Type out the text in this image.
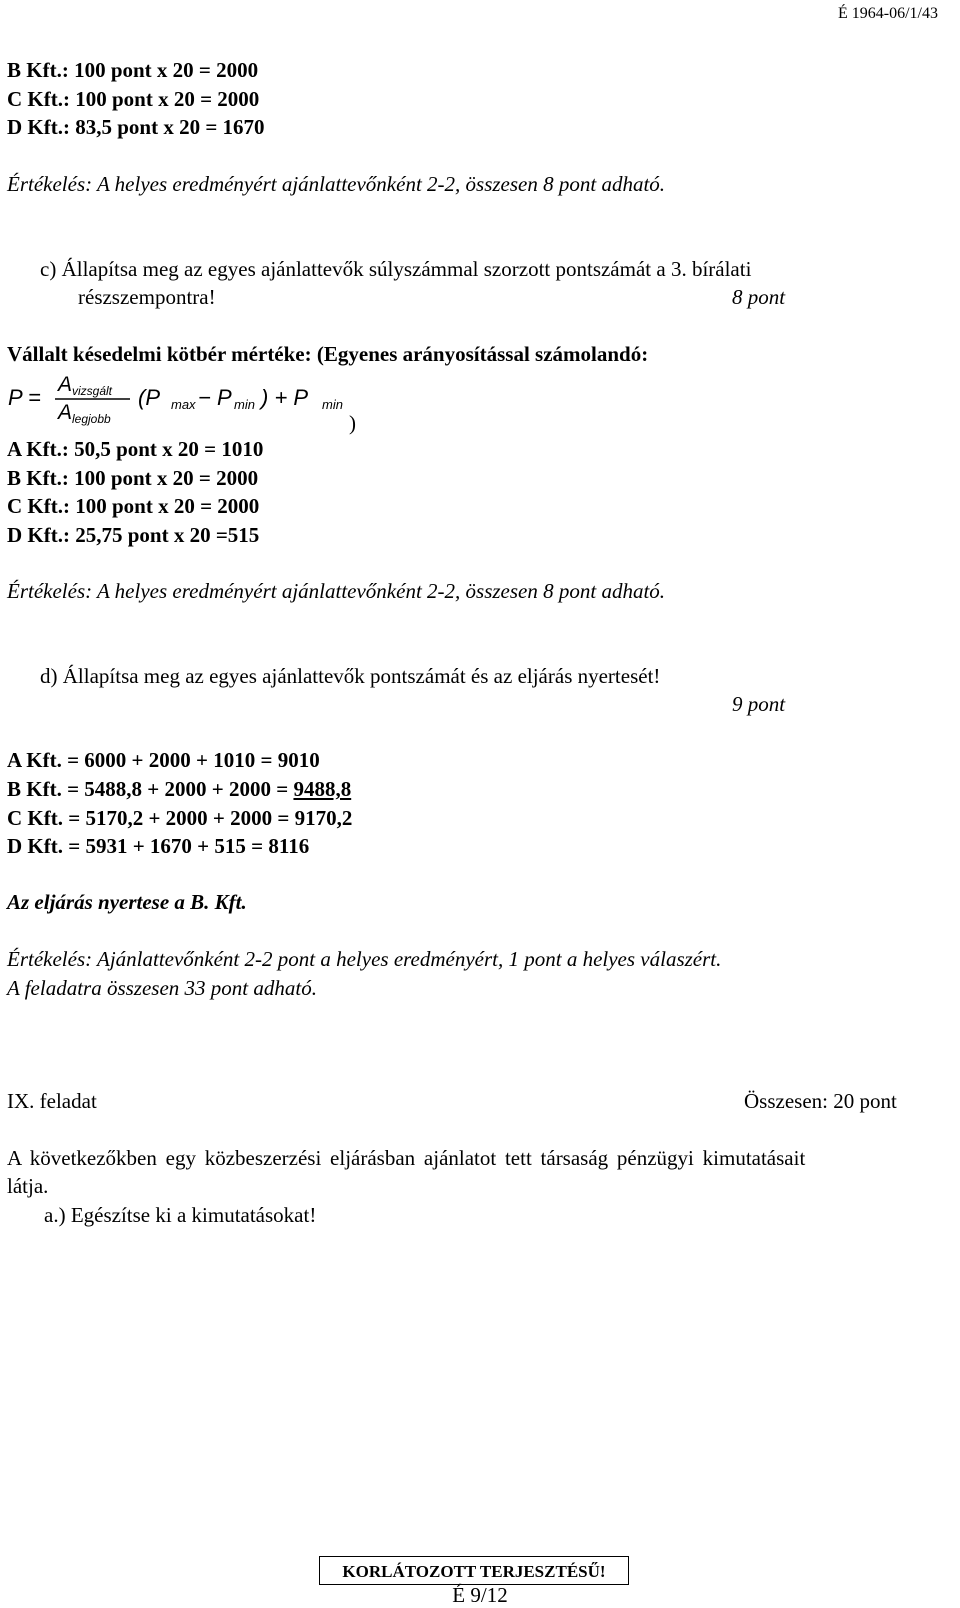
É 1964-06/1/43
B Kft.: 100 pont x 20 = 2000
C Kft.: 100 pont x 20 = 2000
D Kft.: 83,5 pont x 20 = 1670
Értékelés: A helyes eredményért ajánlattevőnként 2-2, összesen 8 pont adható.
c) Állapítsa meg az egyes ajánlattevők súlyszámmal szorzott pontszámát a 3. bírálati
részszempontra!	8 pont
Vállalt késedelmi kötbér mértéke: (Egyenes arányosítással számolandó:
P =
A vizsgált
A legjobb
(P max − P min ) + P min
)
A Kft.: 50,5 pont x 20 = 1010
B Kft.: 100 pont x 20 = 2000
C Kft.: 100 pont x 20 = 2000
D Kft.: 25,75 pont x 20 =515
Értékelés: A helyes eredményért ajánlattevőnként 2-2, összesen 8 pont adható.
d) Állapítsa meg az egyes ajánlattevők pontszámát és az eljárás nyertesét!
9 pont
A Kft. = 6000 + 2000 + 1010 = 9010
B Kft. = 5488,8 + 2000 + 2000 = 9488,8
C Kft. = 5170,2 + 2000 + 2000 = 9170,2
D Kft. = 5931 + 1670 + 515 = 8116
Az eljárás nyertese a B. Kft.
Értékelés: Ajánlattevőnként 2-2 pont a helyes eredményért, 1 pont a helyes válaszért.
A feladatra összesen 33 pont adható.
IX. feladat	Összesen: 20 pont
A következőkben egy közbeszerzési eljárásban ajánlatot tett társaság pénzügyi kimutatásait
látja.
a.) Egészítse ki a kimutatásokat!
KORLÁTOZOTT TERJESZTÉSŰ!
É 9/12
